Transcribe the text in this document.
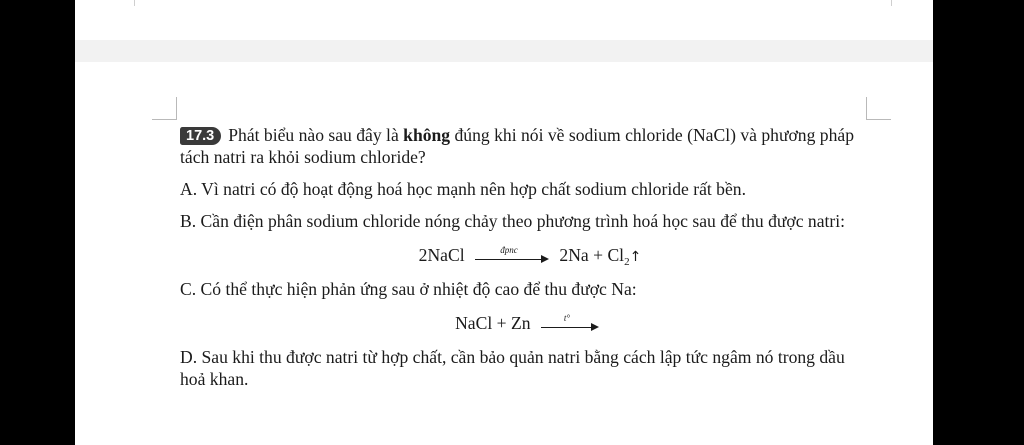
17.3 Phát biểu nào sau đây là không đúng khi nói về sodium chloride (NaCl) và phương pháp tách natri ra khỏi sodium chloride?

A. Vì natri có độ hoạt động hoá học mạnh nên hợp chất sodium chloride rất bền.

B. Cần điện phân sodium chloride nóng chảy theo phương trình hoá học sau để thu được natri:

2NaCl	đpnc	$2Na + Cl_2↑$

C. Có thể thực hiện phản ứng sau ở nhiệt độ cao để thu được Na:

NaCl + Zn	t°

D. Sau khi thu được natri từ hợp chất, cần bảo quản natri bằng cách lập tức ngâm nó trong dầu hoả khan.
